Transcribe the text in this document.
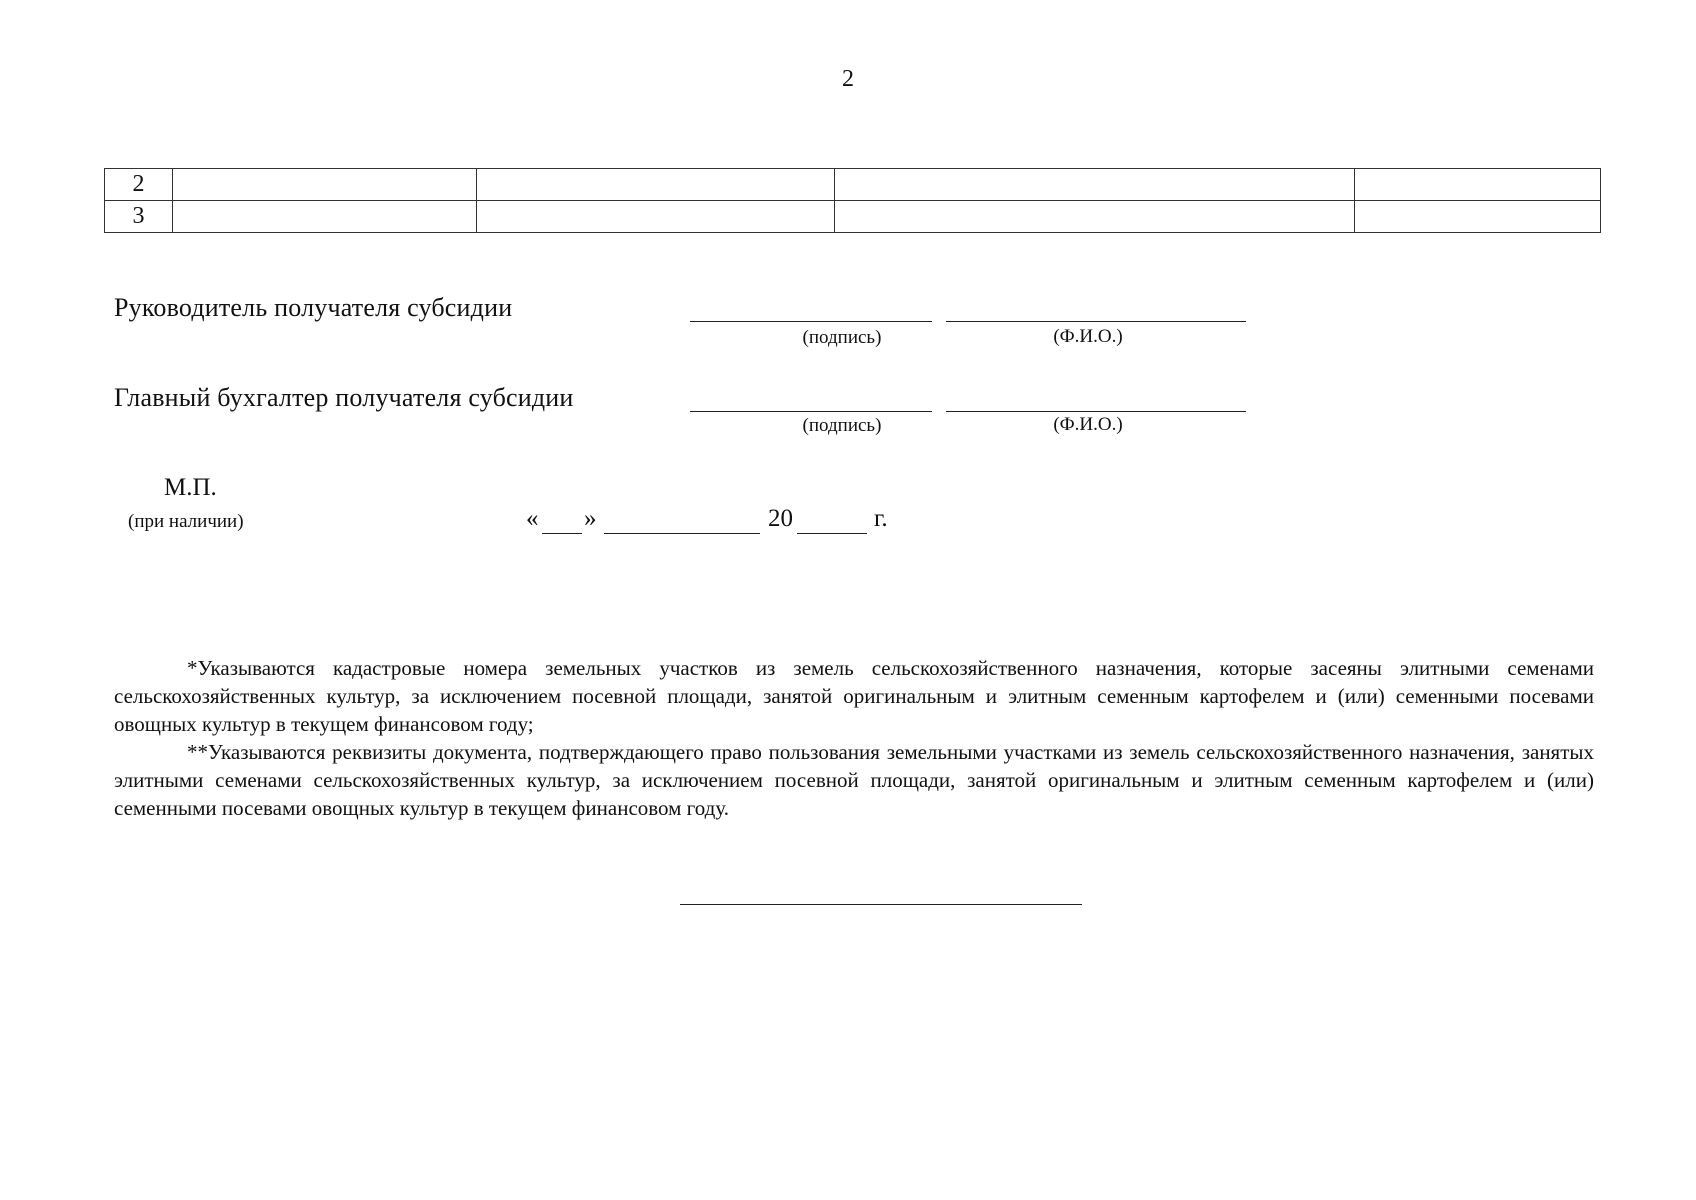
2
2				
3				
Руководитель получателя субсидии
(подпись)	(Ф.И.О.)
Главный бухгалтер получателя субсидии
(подпись)	(Ф.И.О.)
М.П.
(при наличии)	« »	20	г.

*Указываются кадастровые номера земельных участков из земель сельскохозяйственного назначения, которые засеяны элитными семенами сельскохозяйственных культур, за исключением посевной площади, занятой оригинальным и элитным семенным картофелем и (или) семенными посевами овощных культур в текущем финансовом году;

**Указываются реквизиты документа, подтверждающего право пользования земельными участками из земель сельскохозяйственного назначения, занятых элитными семенами сельскохозяйственных культур, за исключением посевной площади, занятой оригинальным и элитным семенным картофелем и (или) семенными посевами овощных культур в текущем финансовом году.
